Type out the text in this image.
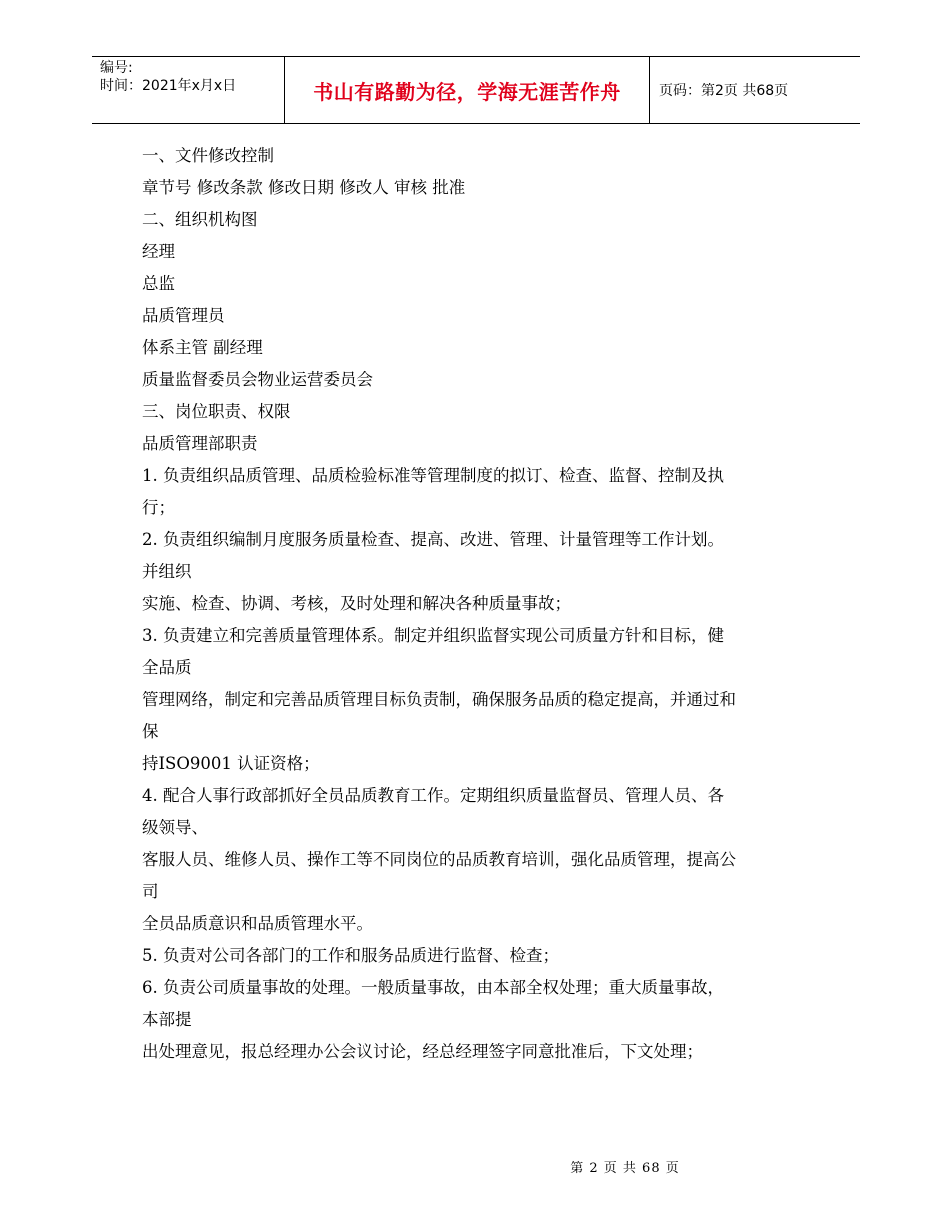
编号:
时间：2021年x月x日	书山有路勤为径，学海无涯苦作舟	页码：第2页 共68页
一、文件修改控制
章节号 修改条款 修改日期 修改人 审核 批准
二、组织机构图
经理
总监
品质管理员
体系主管 副经理
质量监督委员会物业运营委员会
三、岗位职责、权限
品质管理部职责
1. 负责组织品质管理、品质检验标准等管理制度的拟订、检查、监督、控制及执
行；
2. 负责组织编制月度服务质量检查、提高、改进、管理、计量管理等工作计划。
并组织
实施、检查、协调、考核，及时处理和解决各种质量事故；
3. 负责建立和完善质量管理体系。制定并组织监督实现公司质量方针和目标，健
全品质
管理网络，制定和完善品质管理目标负责制，确保服务品质的稳定提高，并通过和
保
持ISO9001 认证资格；
4. 配合人事行政部抓好全员品质教育工作。定期组织质量监督员、管理人员、各
级领导、
客服人员、维修人员、操作工等不同岗位的品质教育培训，强化品质管理，提高公
司
全员品质意识和品质管理水平。
5. 负责对公司各部门的工作和服务品质进行监督、检查；
6. 负责公司质量事故的处理。一般质量事故，由本部全权处理；重大质量事故，
本部提
出处理意见，报总经理办公会议讨论，经总经理签字同意批准后，下文处理；
第 2 页 共 68 页
